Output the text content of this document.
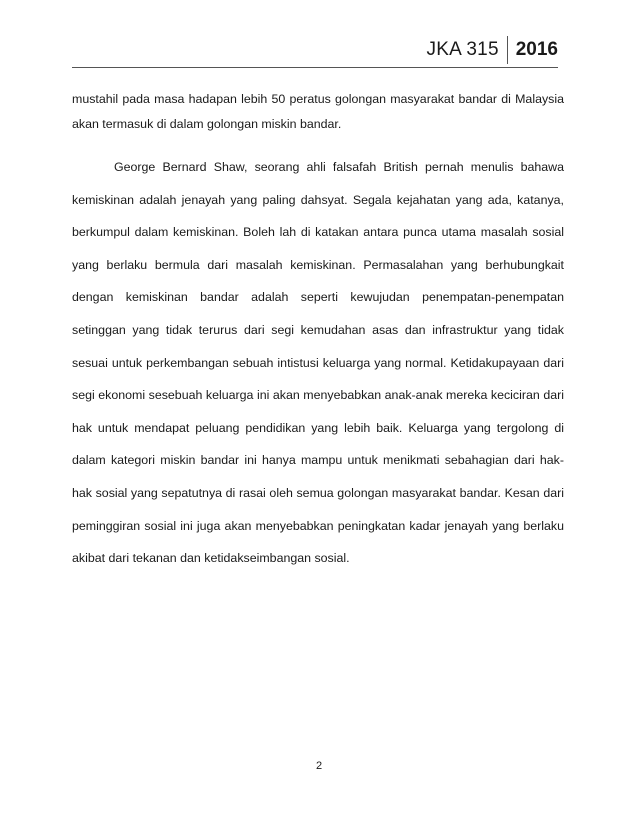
JKA 315 2016

mustahil pada masa hadapan lebih 50 peratus golongan masyarakat bandar di Malaysia akan termasuk di dalam golongan miskin bandar.

George Bernard Shaw, seorang ahli falsafah British pernah menulis bahawa kemiskinan adalah jenayah yang paling dahsyat. Segala kejahatan yang ada, katanya, berkumpul dalam kemiskinan. Boleh lah di katakan antara punca utama masalah sosial yang berlaku bermula dari masalah kemiskinan. Permasalahan yang berhubungkait dengan kemiskinan bandar adalah seperti kewujudan penempatan-penempatan setinggan yang tidak terurus dari segi kemudahan asas dan infrastruktur yang tidak sesuai untuk perkembangan sebuah intistusi keluarga yang normal. Ketidakupayaan dari segi ekonomi sesebuah keluarga ini akan menyebabkan anak-anak mereka keciciran dari hak untuk mendapat peluang pendidikan yang lebih baik. Keluarga yang tergolong di dalam kategori miskin bandar ini hanya mampu untuk menikmati sebahagian dari hak-hak sosial yang sepatutnya di rasai oleh semua golongan masyarakat bandar. Kesan dari peminggiran sosial ini juga akan menyebabkan peningkatan kadar jenayah yang berlaku akibat dari tekanan dan ketidakseimbangan sosial.

2
